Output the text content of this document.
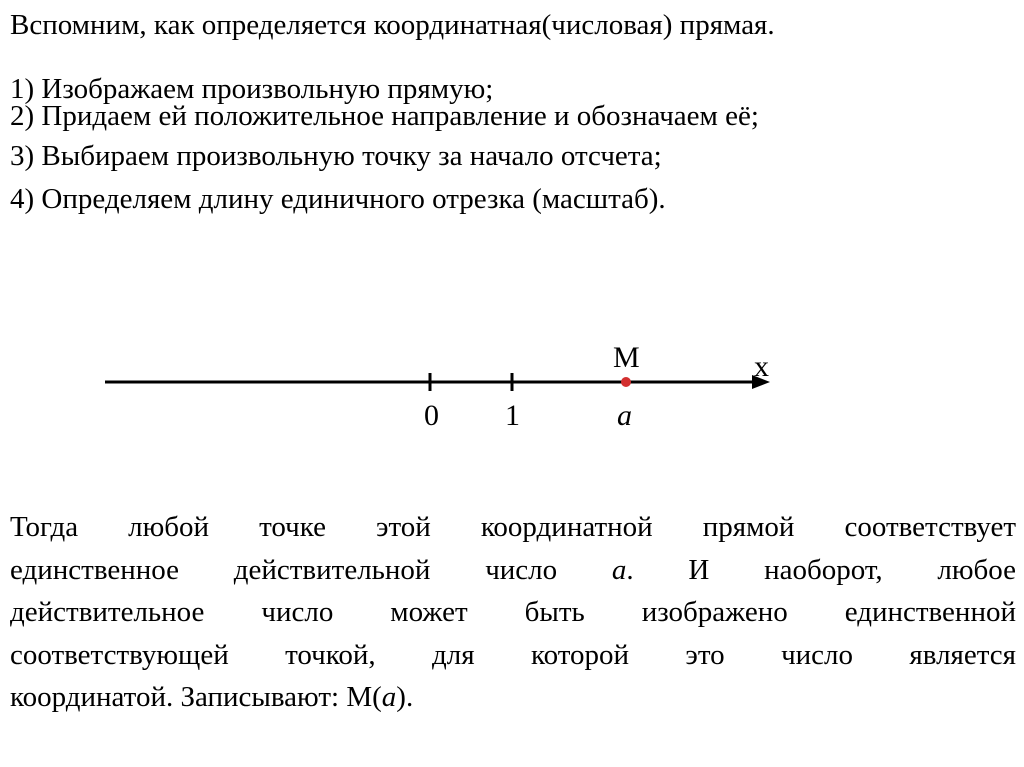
Вспомним, как определяется координатная(числовая) прямая.
1) Изображаем произвольную прямую;
2) Придаем ей положительное направление и обозначаем её;
3) Выбираем произвольную точку за начало отсчета;
4) Определяем длину единичного отрезка (масштаб).
x
M
0 1	a
Тогда любой точке этой координатной прямой соответствует
единственное действительной число а. И наоборот, любое
действительное число может быть изображено единственной
соответствующей точкой, для которой это число является
координатой. Записывают: М(а).
